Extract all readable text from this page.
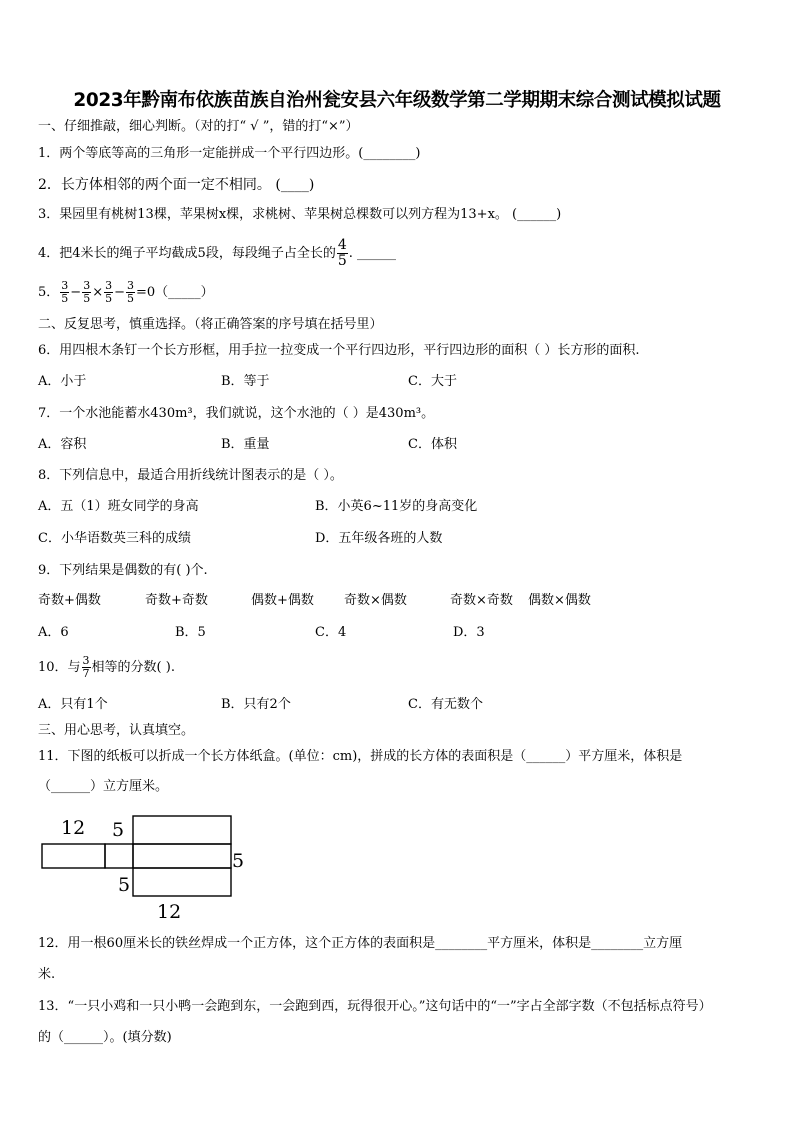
2023年黔南布依族苗族自治州瓮安县六年级数学第二学期期末综合测试模拟试题
一、仔细推敲，细心判断。（对的打“ √ ”，错的打“×”）
1．两个等底等高的三角形一定能拼成一个平行四边形。(________)
2．长方体相邻的两个面一定不相同。 (____)
3．果园里有桃树13棵，苹果树x棵，求桃树、苹果树总棵数可以列方程为13+x。 (______)
4．把4米长的绳子平均截成5段，每段绳子占全长的 $\frac{4}{5}$ . ______
5． $\frac{3}{5} - \frac{3}{5} \times \frac{3}{5} - \frac{3}{5}$ =0（_____）
二、反复思考，慎重选择。（将正确答案的序号填在括号里）
6．用四根木条钉一个长方形框，用手拉一拉变成一个平行四边形，平行四边形的面积（ ）长方形的面积.
A．小于	B．等于	C．大于
7．一个水池能蓄水430m³，我们就说，这个水池的（ ）是430m³。
A．容积	B．重量	C．体积
8．下列信息中，最适合用折线统计图表示的是（ ）。
A．五（1）班女同学的身高	B．小英6~11岁的身高变化
C．小华语数英三科的成绩	D．五年级各班的人数
9．下列结果是偶数的有( )个.
奇数+偶数	奇数+奇数	偶数+偶数 奇数×偶数	奇数×奇数 偶数×偶数
A．6	B．5	C．4	D．3
10．与 $\frac{3}{7}$ 相等的分数( ).
A．只有1个	B．只有2个	C．有无数个
三、用心思考，认真填空。
11．下图的纸板可以折成一个长方体纸盒。(单位：cm)，拼成的长方体的表面积是（______）平方厘米，体积是
（______）立方厘米。
12 5
5
5
12
12．用一根60厘米长的铁丝焊成一个正方体，这个正方体的表面积是________平方厘米，体积是________立方厘
米.
13．“一只小鸡和一只小鸭一会跑到东，一会跑到西，玩得很开心。”这句话中的“一”字占全部字数（不包括标点符号）
的（______）。(填分数)
